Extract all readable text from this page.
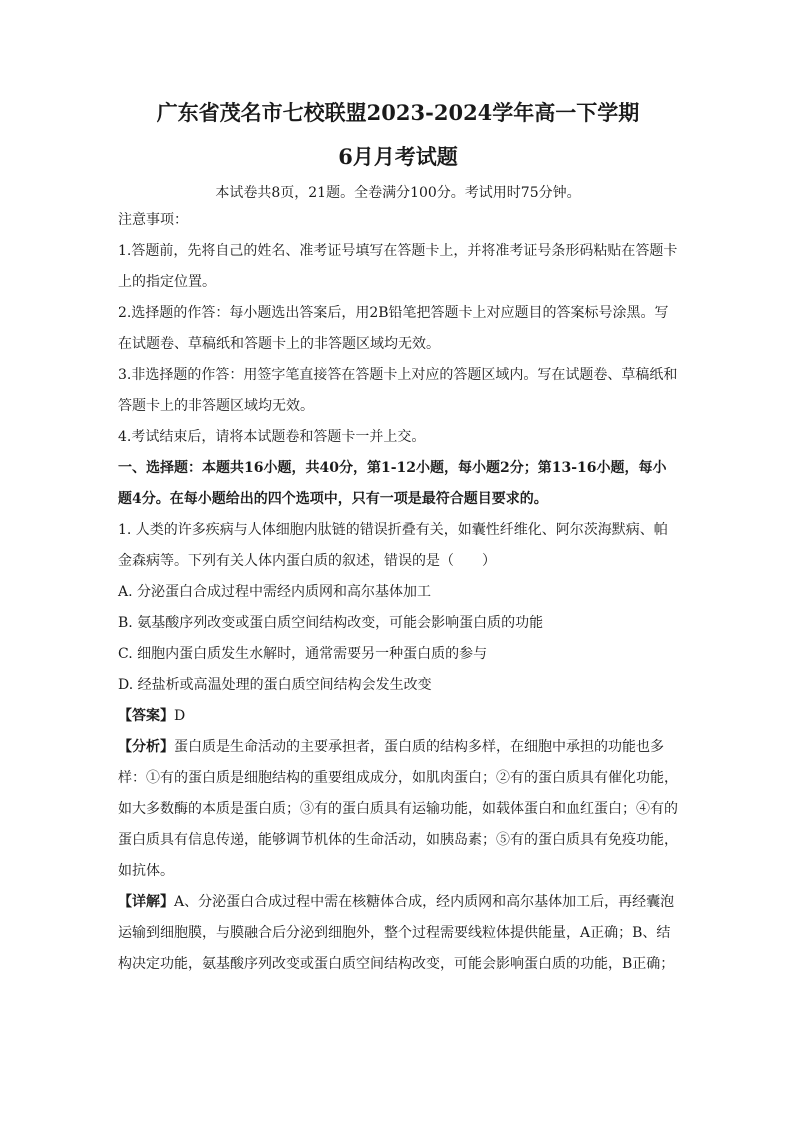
广东省茂名市七校联盟2023-2024学年高一下学期

6月月考试题

本试卷共8页，21题。全卷满分100分。考试用时75分钟。

注意事项：

1.答题前，先将自己的姓名、准考证号填写在答题卡上，并将准考证号条形码粘贴在答题卡上的指定位置。

2.选择题的作答：每小题选出答案后，用2B铅笔把答题卡上对应题目的答案标号涂黑。写在试题卷、草稿纸和答题卡上的非答题区域均无效。

3.非选择题的作答：用签字笔直接答在答题卡上对应的答题区域内。写在试题卷、草稿纸和答题卡上的非答题区域均无效。

4.考试结束后，请将本试题卷和答题卡一并上交。

一、选择题：本题共16小题，共40分，第1-12小题，每小题2分；第13-16小题，每小题4分。在每小题给出的四个选项中，只有一项是最符合题目要求的。

1. 人类的许多疾病与人体细胞内肽链的错误折叠有关，如囊性纤维化、阿尔茨海默病、帕金森病等。下列有关人体内蛋白质的叙述，错误的是（　　）

A. 分泌蛋白合成过程中需经内质网和高尔基体加工

B. 氨基酸序列改变或蛋白质空间结构改变，可能会影响蛋白质的功能

C. 细胞内蛋白质发生水解时，通常需要另一种蛋白质的参与

D. 经盐析或高温处理的蛋白质空间结构会发生改变

【答案】D

【分析】蛋白质是生命活动的主要承担者，蛋白质的结构多样，在细胞中承担的功能也多样：①有的蛋白质是细胞结构的重要组成成分，如肌肉蛋白；②有的蛋白质具有催化功能，如大多数酶的本质是蛋白质；③有的蛋白质具有运输功能，如载体蛋白和血红蛋白；④有的蛋白质具有信息传递，能够调节机体的生命活动，如胰岛素；⑤有的蛋白质具有免疫功能，如抗体。

【详解】A、分泌蛋白合成过程中需在核糖体合成，经内质网和高尔基体加工后，再经囊泡运输到细胞膜，与膜融合后分泌到细胞外，整个过程需要线粒体提供能量，A正确；B、结构决定功能，氨基酸序列改变或蛋白质空间结构改变，可能会影响蛋白质的功能，B正确；
